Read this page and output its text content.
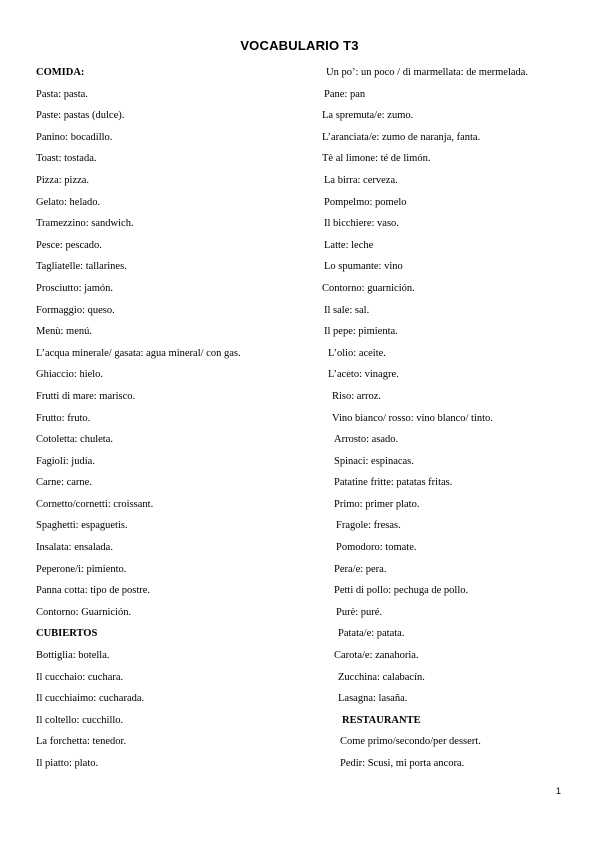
VOCABULARIO T3
COMIDA:
Pasta: pasta.
Paste: pastas (dulce).
Panino: bocadillo.
Toast: tostada.
Pizza: pizza.
Gelato: helado.
Tramezzino: sandwich.
Pesce: pescado.
Tagliatelle: tallarines.
Prosciutto: jamón.
Formaggio: queso.
Menù: menú.
L’acqua minerale/ gasata: agua mineral/ con gas.
Ghiaccio: hielo.
Frutti di mare: marisco.
Frutto: fruto.
Cotoletta: chuleta.
Fagioli: judía.
Carne: carne.
Cornetto/cornetti: croissant.
Spaghetti: espaguetis.
Insalata: ensalada.
Peperone/i: pimiento.
Panna cotta: tipo de postre.
Contorno: Guarnición.
CUBIERTOS
Bottiglia: botella.
Il cucchaio: cuchara.
Il cucchiaimo: cucharada.
Il coltello: cucchillo.
La forchetta: tenedor.
Il piatto: plato.
Un po’: un poco / di marmellata: de mermelada.
Pane: pan
La spremuta/e: zumo.
L’aranciata/e: zumo de naranja, fanta.
Tè al limone: té de limón.
La birra: cerveza.
Pompelmo: pomelo
Il bicchiere: vaso.
Latte: leche
Lo spumante: vino
Contorno: guarnición.
Il sale: sal.
Il pepe: pimienta.
L’olio: aceite.
L’aceto: vinagre.
Riso: arroz.
Vino bianco/ rosso: vino blanco/ tinto.
Arrosto: asado.
Spinaci: espinacas.
Patatine fritte: patatas fritas.
Primo: primer plato.
Fragole: fresas.
Pomodoro: tomate.
Pera/e: pera.
Petti di pollo: pechuga de pollo.
Purè: puré.
Patata/e: patata.
Carota/e: zanahoria.
Zucchina: calabacín.
Lasagna: lasaña.
RESTAURANTE
Come primo/secondo/per dessert.
Pedir: Scusi, mi porta ancora.
1
